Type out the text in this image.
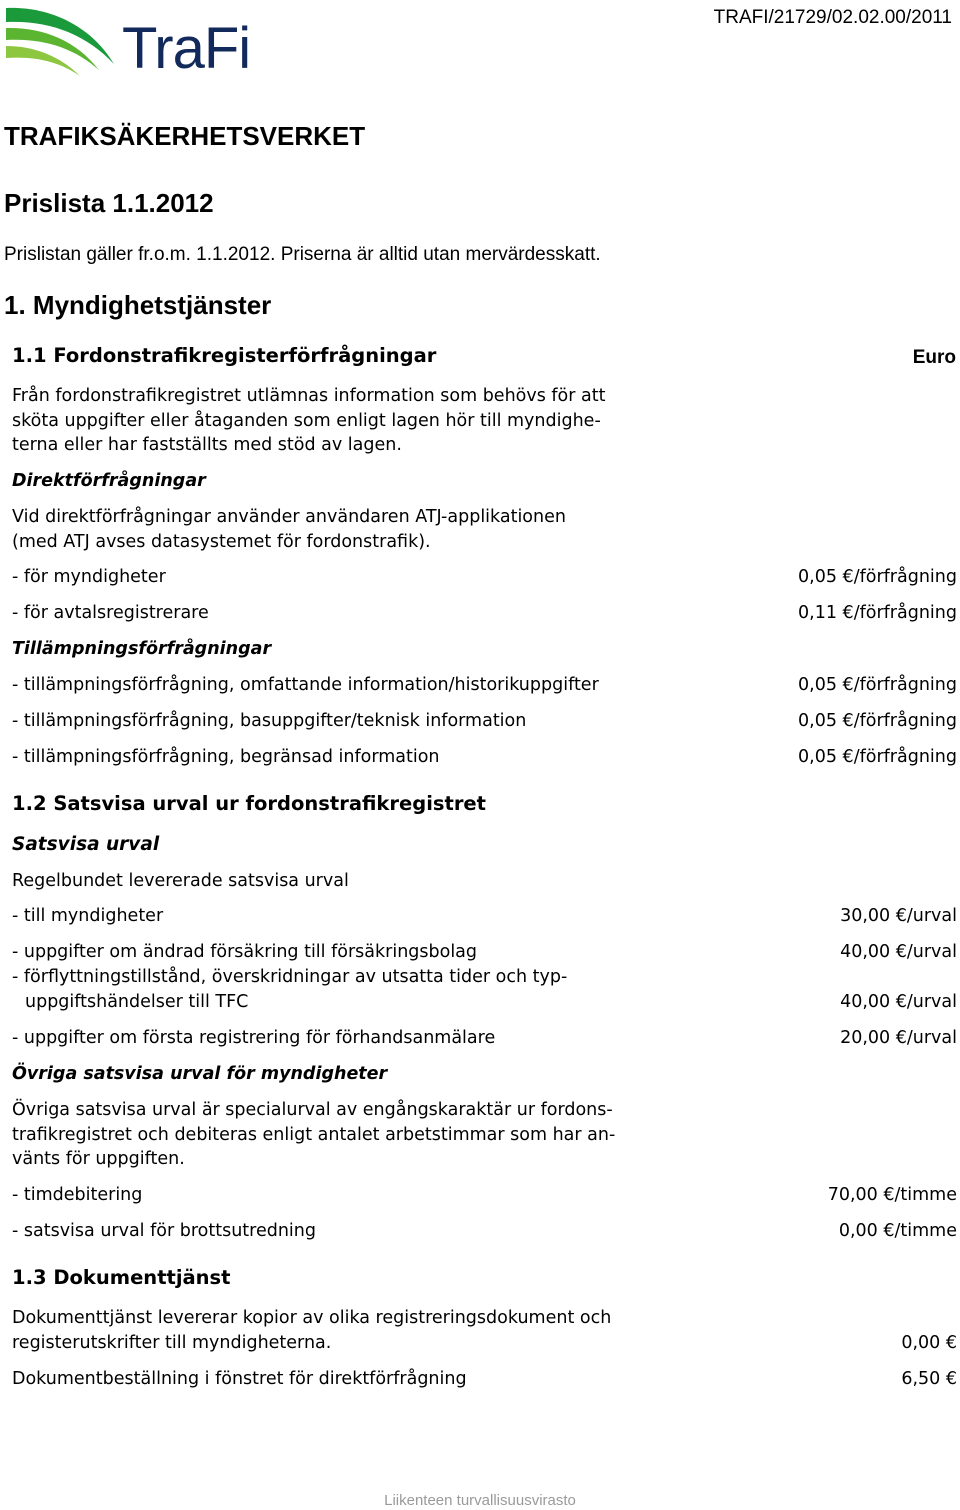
TraFi	TRAFI/21729/02.02.00/2011
TRAFIKSÄKERHETSVERKET
Prislista 1.1.2012
Prislistan gäller fr.o.m. 1.1.2012. Priserna är alltid utan mervärdesskatt.
1. Myndighetstjänster
1.1 Fordonstrafikregisterförfrågningar	Euro
Från fordonstrafikregistret utlämnas information som behövs för att
sköta uppgifter eller åtaganden som enligt lagen hör till myndighe-
terna eller har fastställts med stöd av lagen.
Direktförfrågningar
Vid direktförfrågningar använder användaren ATJ-applikationen
(med ATJ avses datasystemet för fordonstrafik).
- för myndigheter	0,05 €/förfrågning
- för avtalsregistrerare	0,11 €/förfrågning
Tillämpningsförfrågningar
- tillämpningsförfrågning, omfattande information/historikuppgifter	0,05 €/förfrågning
- tillämpningsförfrågning, basuppgifter/teknisk information	0,05 €/förfrågning
- tillämpningsförfrågning, begränsad information	0,05 €/förfrågning
1.2 Satsvisa urval ur fordonstrafikregistret
Satsvisa urval
Regelbundet levererade satsvisa urval
- till myndigheter	30,00 €/urval
- uppgifter om ändrad försäkring till försäkringsbolag	40,00 €/urval
- förflyttningstillstånd, överskridningar av utsatta tider och typ-
uppgiftshändelser till TFC	40,00 €/urval
- uppgifter om första registrering för förhandsanmälare	20,00 €/urval
Övriga satsvisa urval för myndigheter
Övriga satsvisa urval är specialurval av engångskaraktär ur fordons-
trafikregistret och debiteras enligt antalet arbetstimmar som har an-
vänts för uppgiften.
- timdebitering	70,00 €/timme
- satsvisa urval för brottsutredning	0,00 €/timme
1.3 Dokumenttjänst
Dokumenttjänst levererar kopior av olika registreringsdokument och
registerutskrifter till myndigheterna.	0,00 €
Dokumentbeställning i fönstret för direktförfrågning	6,50 €
Liikenteen turvallisuusvirasto
